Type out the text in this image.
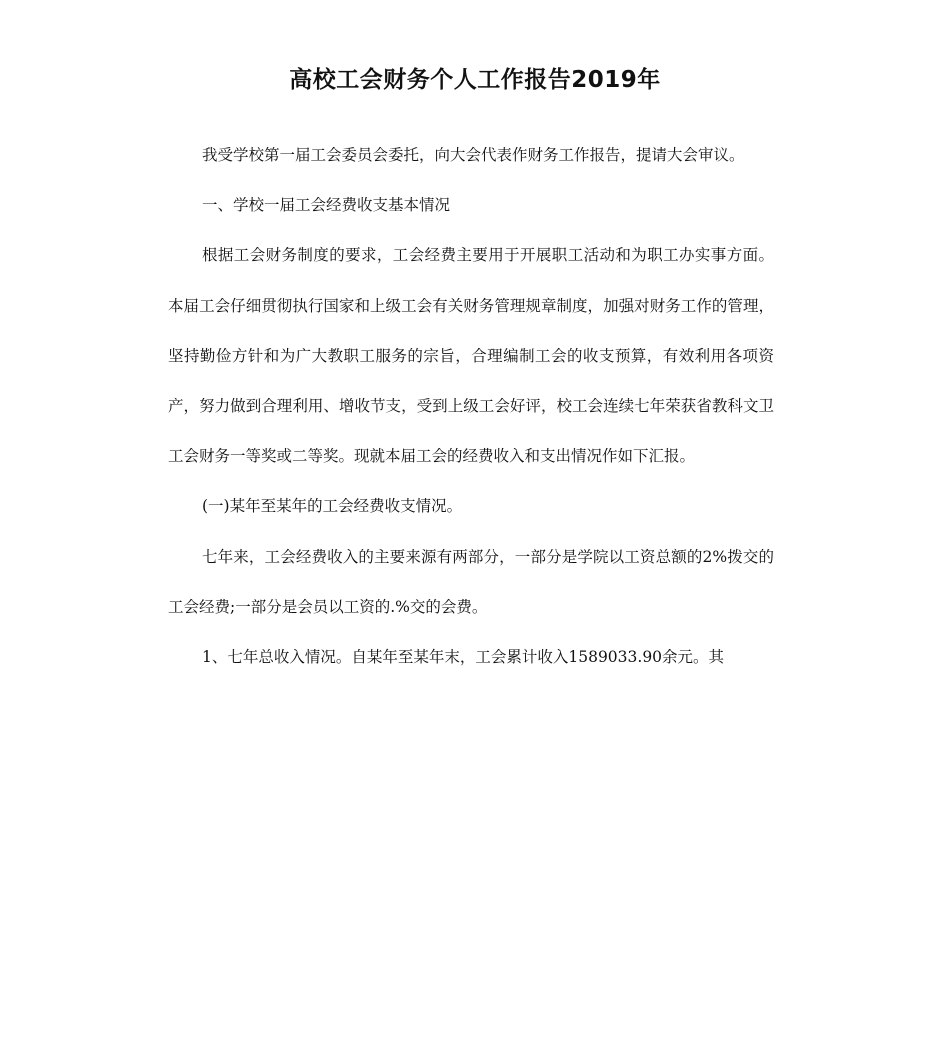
高校工会财务个人工作报告2019年

我受学校第一届工会委员会委托，向大会代表作财务工作报告，提请大会审议。

一、学校一届工会经费收支基本情况

根据工会财务制度的要求，工会经费主要用于开展职工活动和为职工办实事方面。本届工会仔细贯彻执行国家和上级工会有关财务管理规章制度，加强对财务工作的管理，坚持勤俭方针和为广大教职工服务的宗旨，合理编制工会的收支预算，有效利用各项资产，努力做到合理利用、增收节支，受到上级工会好评，校工会连续七年荣获省教科文卫工会财务一等奖或二等奖。现就本届工会的经费收入和支出情况作如下汇报。

(一)某年至某年的工会经费收支情况。

七年来，工会经费收入的主要来源有两部分，一部分是学院以工资总额的2%拨交的工会经费;一部分是会员以工资的.%交的会费。

1、七年总收入情况。自某年至某年末，工会累计收入1589033.90余元。其
